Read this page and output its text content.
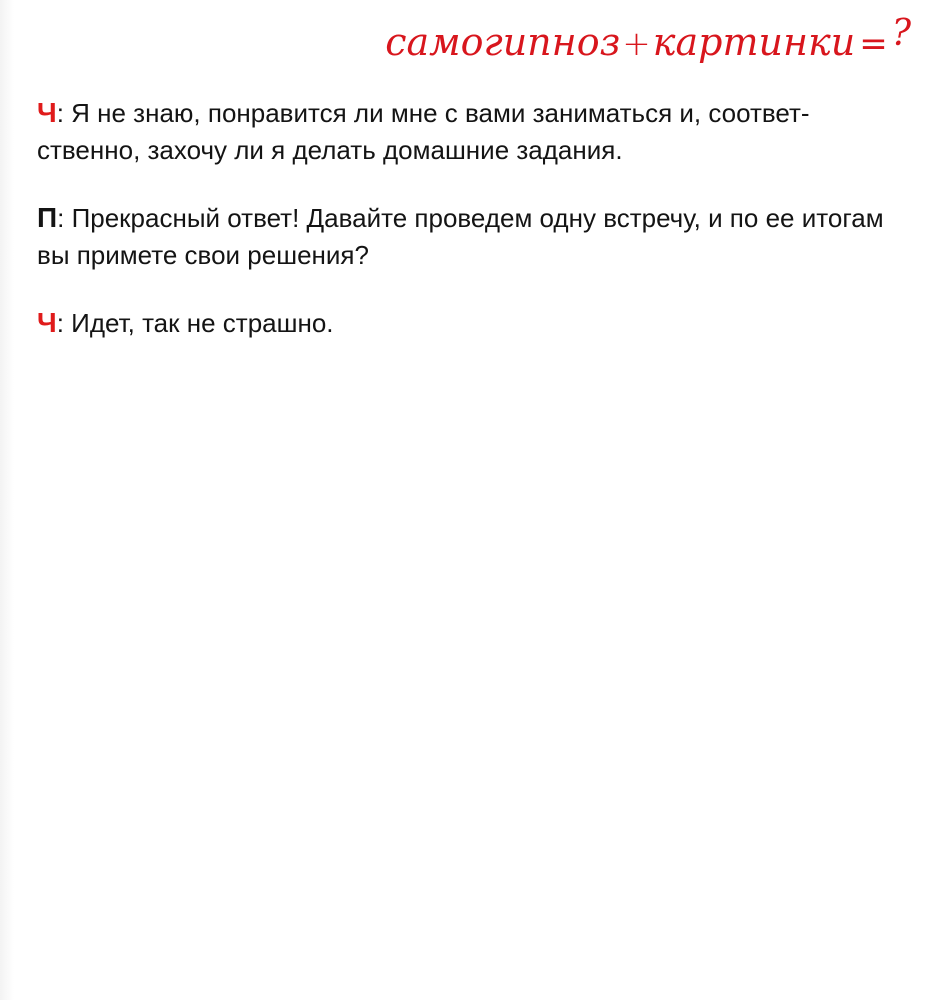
самогипноз + картинки = ?

Ч: Я не знаю, понравится ли мне с вами заниматься и, соответ-ственно, захочу ли я делать домашние задания.

П: Прекрасный ответ! Давайте проведем одну встречу, и по ее итогам вы примете свои решения?

Ч: Идет, так не страшно.
